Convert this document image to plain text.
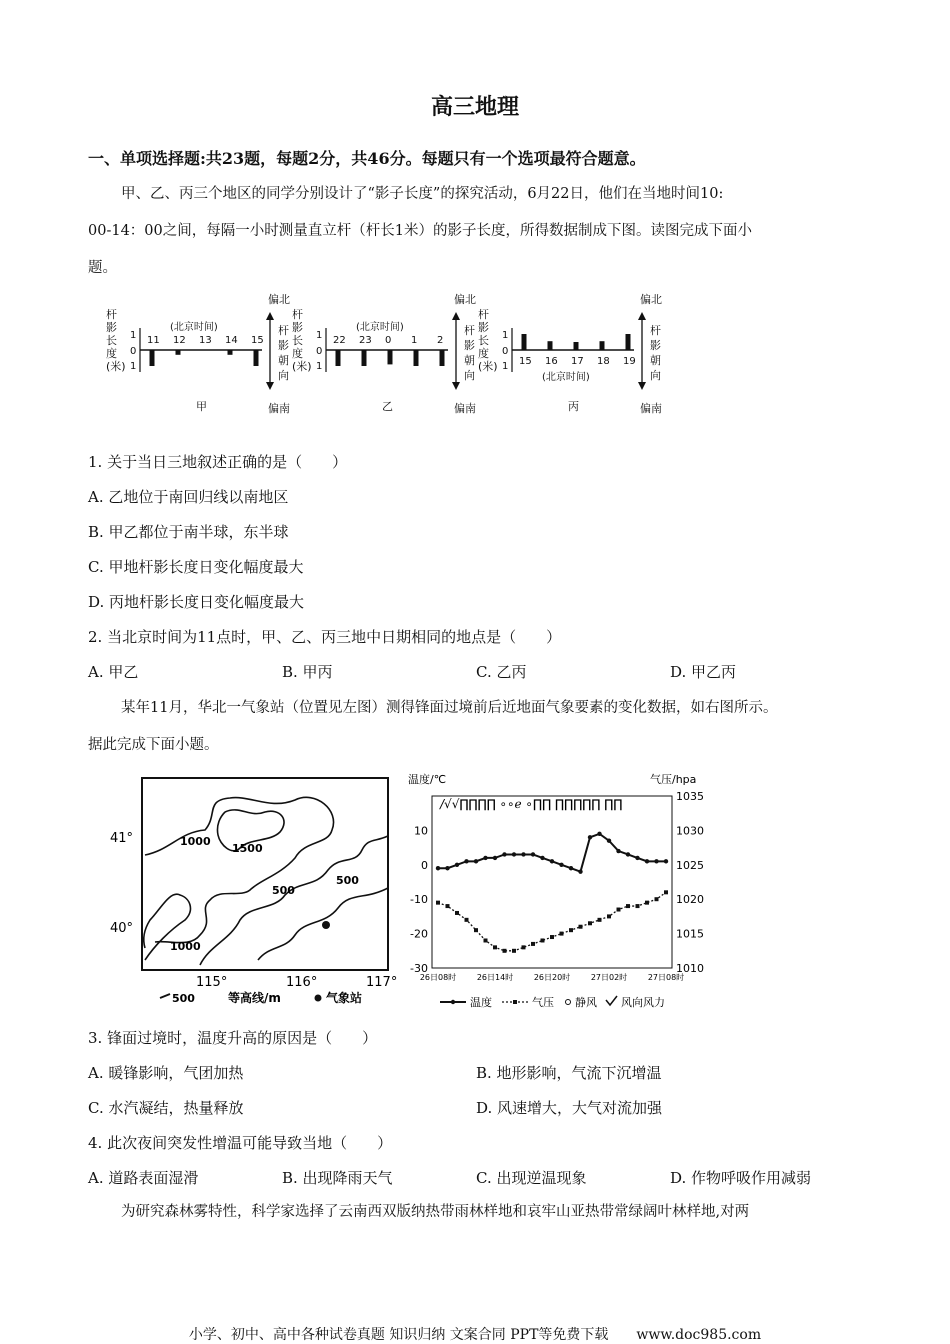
高三地理
一、单项选择题:共23题，每题2分，共46分。每题只有一个选项最符合题意。
甲、乙、丙三个地区的同学分别设计了“影子长度”的探究活动，6月22日，他们在当地时间10:
00-14：00之间，每隔一小时测量直立杆（杆长1米）的影子长度，所得数据制成下图。读图完成下面小
题。
杆
影
长
度
(米)
1
0
1
11 12 13 14 15
(北京时间)
偏北
偏南
杆
影
朝
向
甲
杆
影
长
度
(米)
1
0
1
22 23 0 1 2
(北京时间)
偏北
偏南
杆
影
朝
向
乙
杆
影
长
度
(米)
1
0
1 15 16 17 18 19
(北京时间)
偏北
偏南
杆
影
朝
向
丙
1. 关于当日三地叙述正确的是（　　）
A. 乙地位于南回归线以南地区
B. 甲乙都位于南半球，东半球
C. 甲地杆影长度日变化幅度最大
D. 丙地杆影长度日变化幅度最大
2. 当北京时间为11点时，甲、乙、丙三地中日期相同的地点是（　　）
A. 甲乙	B. 甲丙	C. 乙丙	D. 甲乙丙
某年11月，华北一气象站（位置见左图）测得锋面过境前后近地面气象要素的变化数据，如右图所示。
据此完成下面小题。
41°
40°
115°	116°	117°
1000
1500
500
500
1000
500	等高线/m	气象站
温度/℃	气压/hpa
10
0
-10
-20
-30
1035
1030
1025
1020
1015
1010
26日08时	26日14时	26日20时	27日02时	27日08时
/√√∏∏∏∏ ∘∘ℯ ∘∏∏ ∏∏∏∏∏ ∏∏
温度	气压 静风 风向风力
3. 锋面过境时，温度升高的原因是（　　）
A. 暖锋影响，气团加热	B. 地形影响，气流下沉增温
C. 水汽凝结，热量释放	D. 风速增大，大气对流加强
4. 此次夜间突发性增温可能导致当地（　　）
A. 道路表面湿滑	B. 出现降雨天气	C. 出现逆温现象	D. 作物呼吸作用减弱
为研究森林雾特性，科学家选择了云南西双版纳热带雨林样地和哀牢山亚热带常绿阔叶林样地,对两
小学、初中、高中各种试卷真题 知识归纳 文案合同 PPT等免费下载　　www.doc985.com
